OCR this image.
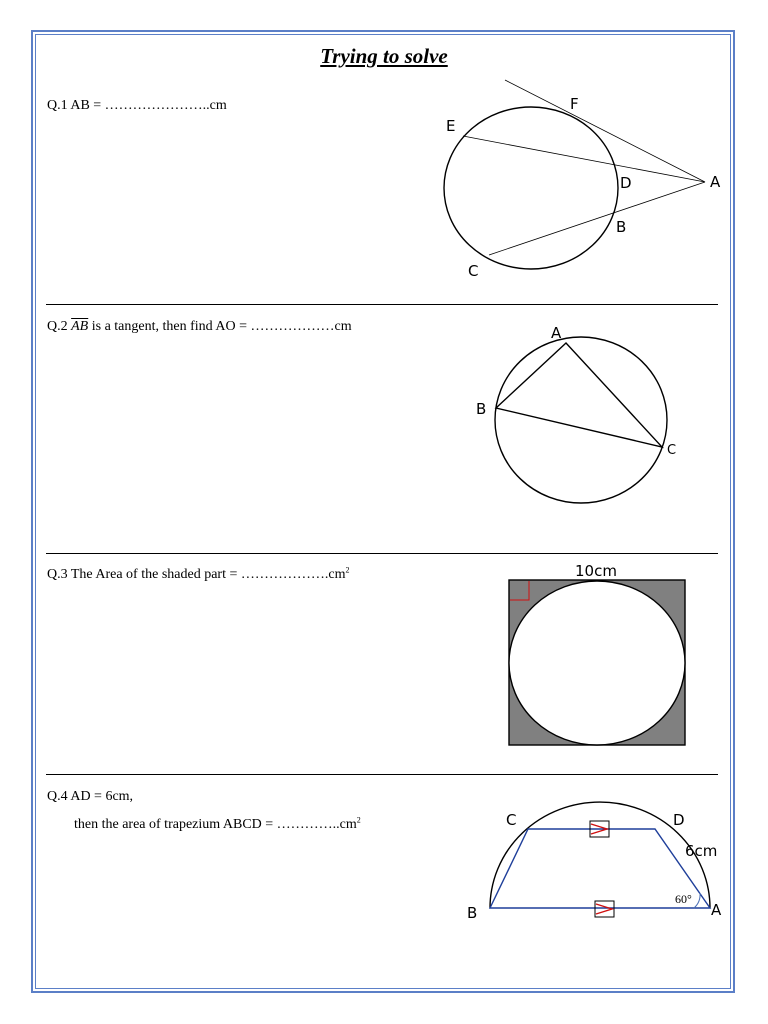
Trying to solve
Q.1 AB = …………………..cm
Q.2 $\overline{AB}$ is a tangent, then find AO = ………………cm
Q.3 The Area of the shaded part = $\dots\dots\dots\dots\dots\dots.cm^2$
Q.4 AD = 6cm,
then the area of trapezium ABCD = $\dots\dots\dots\dots..cm^2$
F
E
D	A
B
C
A
B
C
10cm
C	D
B	A
6cm
60°
